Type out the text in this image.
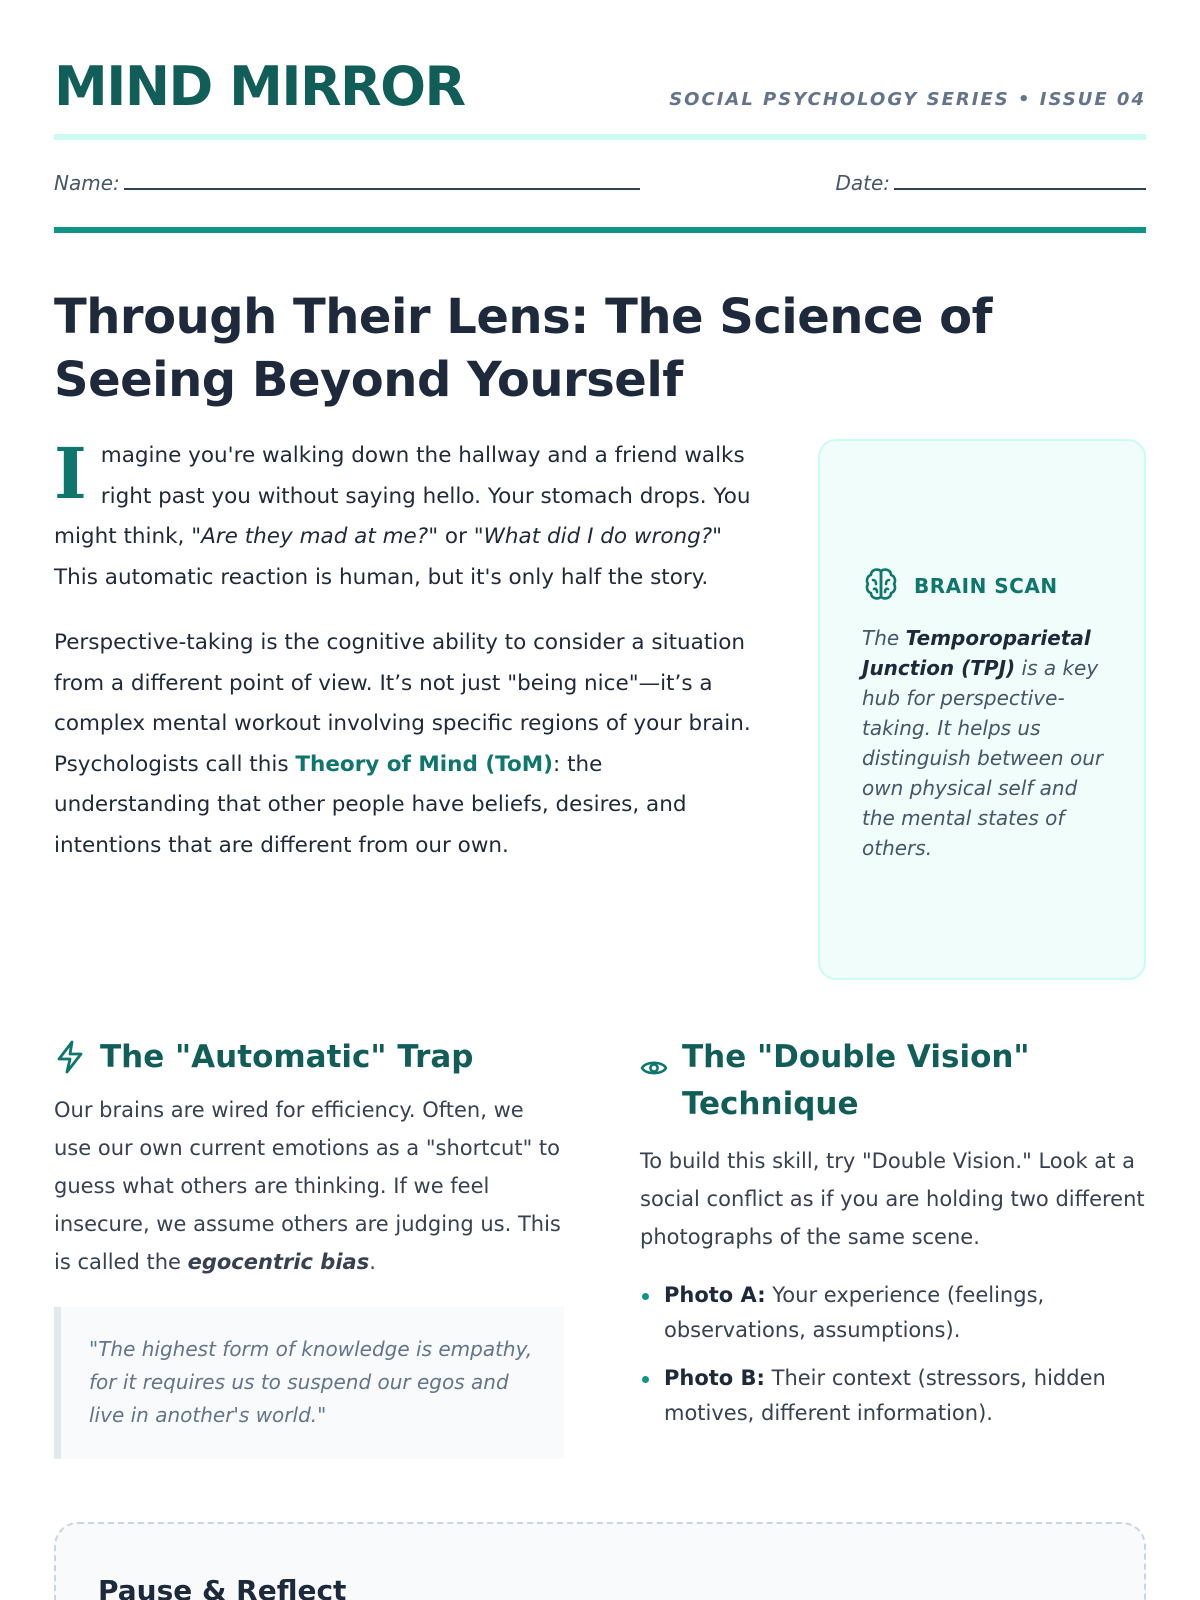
MIND MIRROR	SOCIAL PSYCHOLOGY SERIES • ISSUE 04
Name:	Date:
Through Their Lens: The Science of Seeing Beyond Yourself

Imagine you're walking down the hallway and a friend walks right past you without saying hello. Your stomach drops. You might think, "Are they mad at me?" or "What did I do wrong?" This automatic reaction is human, but it's only half the story.

Perspective-taking is the cognitive ability to consider a situation from a different point of view. It’s not just "being nice"—it’s a complex mental workout involving specific regions of your brain. Psychologists call this Theory of Mind (ToM): the understanding that other people have beliefs, desires, and intentions that are different from our own.

BRAIN SCAN
The Temporoparietal Junction (TPJ) is a key hub for perspective-taking. It helps us distinguish between our own physical self and the mental states of others.
The "Automatic" Trap

Our brains are wired for efficiency. Often, we use our own current emotions as a "shortcut" to guess what others are thinking. If we feel insecure, we assume others are judging us. This is called the egocentric bias.

"The highest form of knowledge is empathy, for it requires us to suspend our egos and live in another's world."
The "Double Vision" Technique

To build this skill, try "Double Vision." Look at a social conflict as if you are holding two different photographs of the same scene.

Photo A: Your experience (feelings, observations, assumptions).
Photo B: Their context (stressors, hidden motives, different information).
Pause & Reflect
